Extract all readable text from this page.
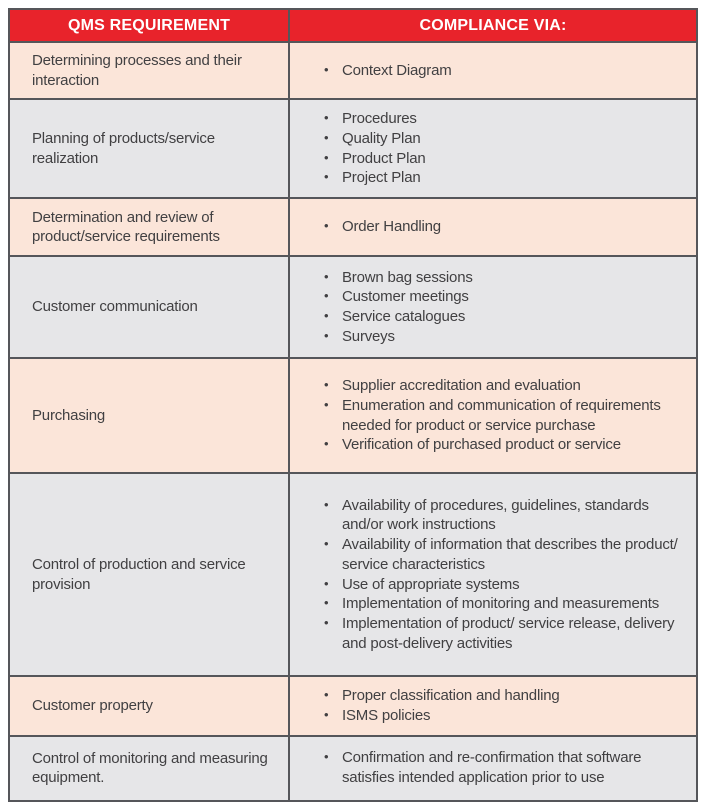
QMS REQUIREMENT	COMPLIANCE VIA:
Determining processes and their interaction
• Context Diagram
Planning of products/service realization
• Procedures
• Quality Plan
• Product Plan
• Project Plan
Determination and review of product/service requirements
• Order Handling
Customer communication
• Brown bag sessions
• Customer meetings
• Service catalogues
• Surveys
Purchasing
• Supplier accreditation and evaluation
• Enumeration and communication of requirements needed for product or service purchase
• Verification of purchased product or service
Control of production and service provision
• Availability of procedures, guidelines, standards and/or work instructions
• Availability of information that describes the product/ service characteristics
• Use of appropriate systems
• Implementation of monitoring and measurements
• Implementation of product/ service release, delivery and post-delivery activities
Customer property
• Proper classification and handling
• ISMS policies
Control of monitoring and measuring equipment.
• Confirmation and re-confirmation that software satisfies intended application prior to use
